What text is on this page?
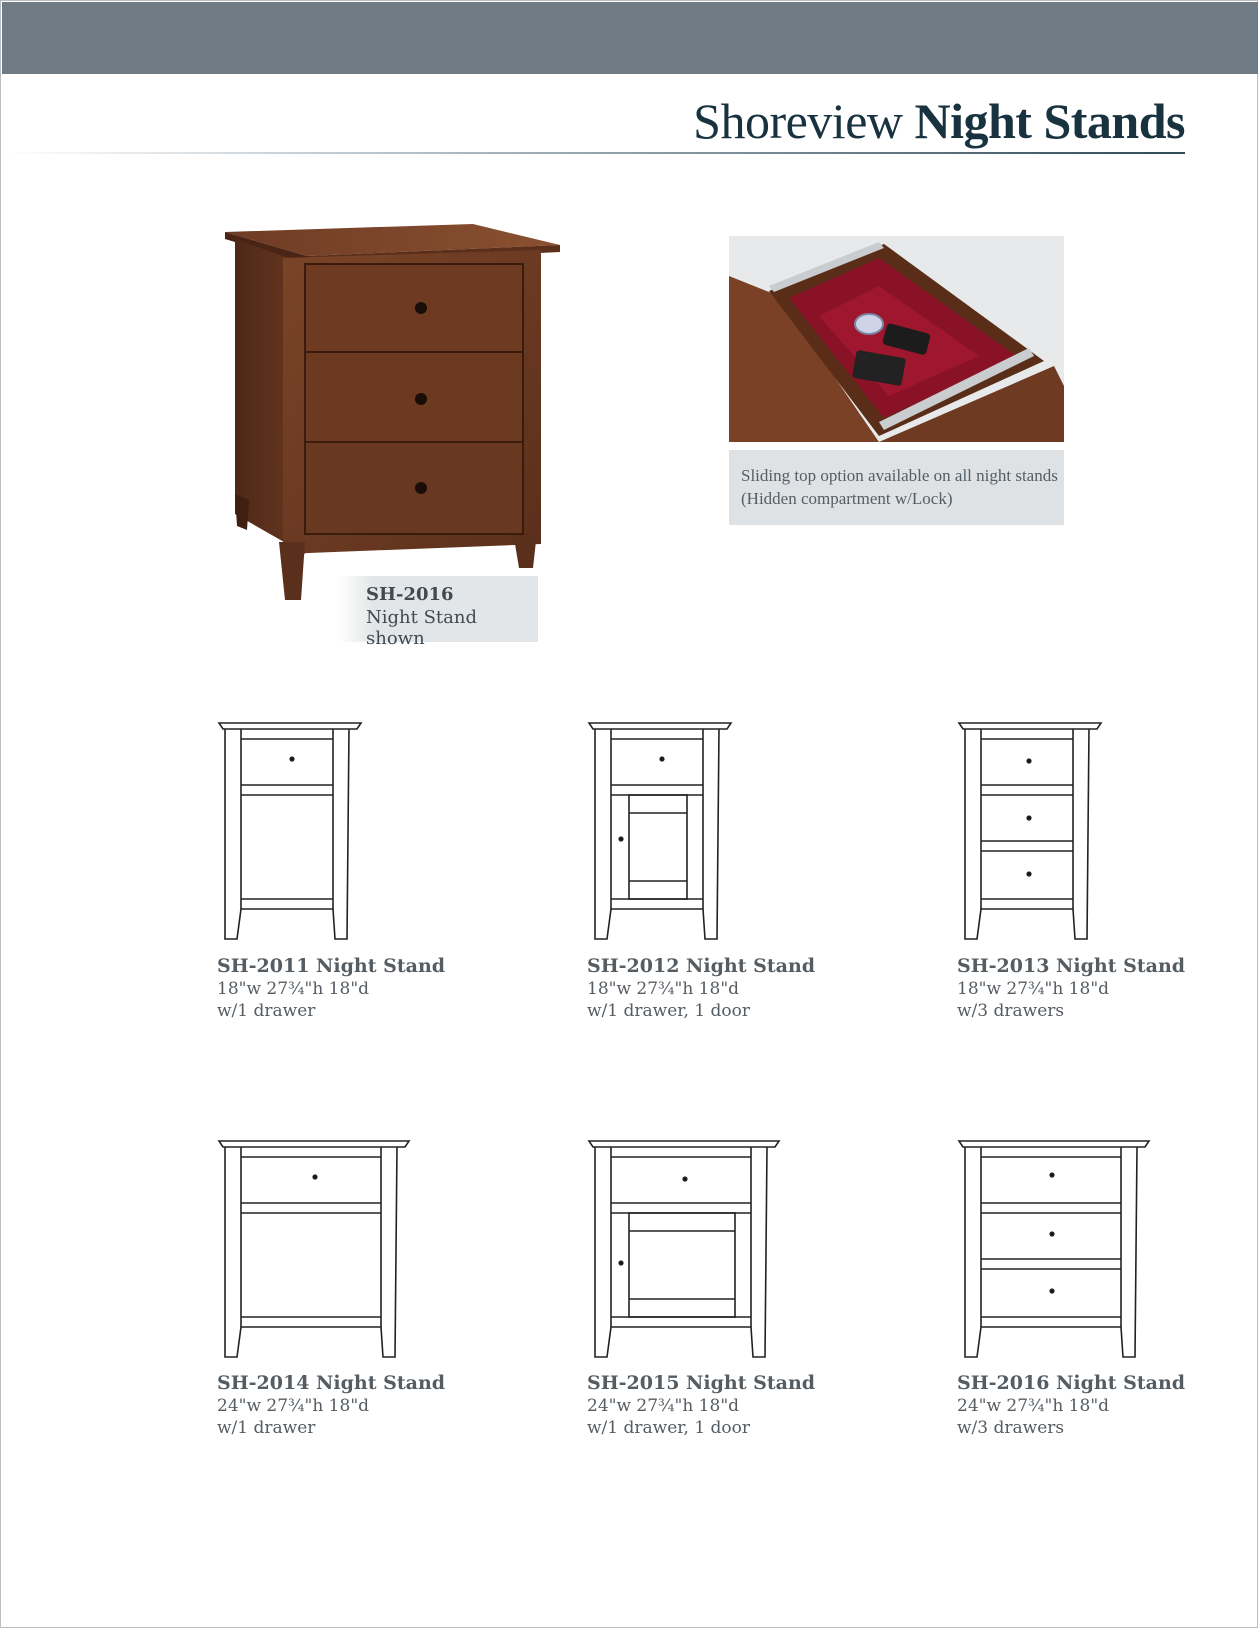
Shoreview Night Stands
SH-2016
Night Stand shown
Sliding top option available on all night stands
(Hidden compartment w/Lock)
SH-2011 Night Stand
18"w 27¾"h 18"d
w/1 drawer
SH-2012 Night Stand
18"w 27¾"h 18"d
w/1 drawer, 1 door
SH-2013 Night Stand
18"w 27¾"h 18"d
w/3 drawers
SH-2014 Night Stand
24"w 27¾"h 18"d
w/1 drawer
SH-2015 Night Stand
24"w 27¾"h 18"d
w/1 drawer, 1 door
SH-2016 Night Stand
24"w 27¾"h 18"d
w/3 drawers
